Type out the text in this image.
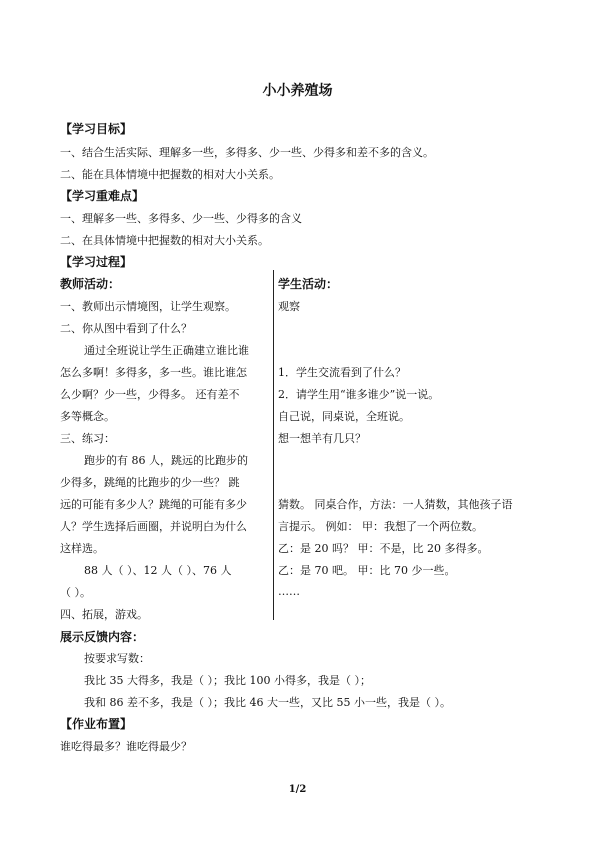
小小养殖场
【学习目标】
一、结合生活实际、理解多一些，多得多、少一些、少得多和差不多的含义。
二、能在具体情境中把握数的相对大小关系。
【学习重难点】
一、理解多一些、多得多、少一些、少得多的含义
二、在具体情境中把握数的相对大小关系。
【学习过程】
教师活动：	学生活动：
一、教师出示情境图，让学生观察。
二、你从图中看到了什么？
通过全班说让学生正确建立谁比谁
怎么多啊！多得多，多一些。谁比谁怎
么少啊？少一些，少得多。 还有差不
多等概念。
三、练习：
跑步的有 86 人，跳远的比跑步的
少得多，跳绳的比跑步的少一些？ 跳
远的可能有多少人？跳绳的可能有多少
人？学生选择后画圈，并说明白为什么
这样选。
88 人（ ）、12 人（ ）、76 人
（ ）。
四、拓展，游戏。
观察
1．学生交流看到了什么？
2．请学生用“谁多谁少”说一说。
自己说，同桌说，全班说。
想一想羊有几只？
猜数。 同桌合作，方法：一人猜数，其他孩子语
言提示。 例如： 甲：我想了一个两位数。
乙：是 20 吗？ 甲：不是，比 20 多得多。
乙：是 70 吧。 甲：比 70 少一些。
……
展示反馈内容：
按要求写数：
我比 35 大得多，我是（ ）；我比 100 小得多，我是（ ）；
我和 86 差不多，我是（ ）；我比 46 大一些，又比 55 小一些，我是（ ）。
【作业布置】
谁吃得最多？谁吃得最少？
1/2
